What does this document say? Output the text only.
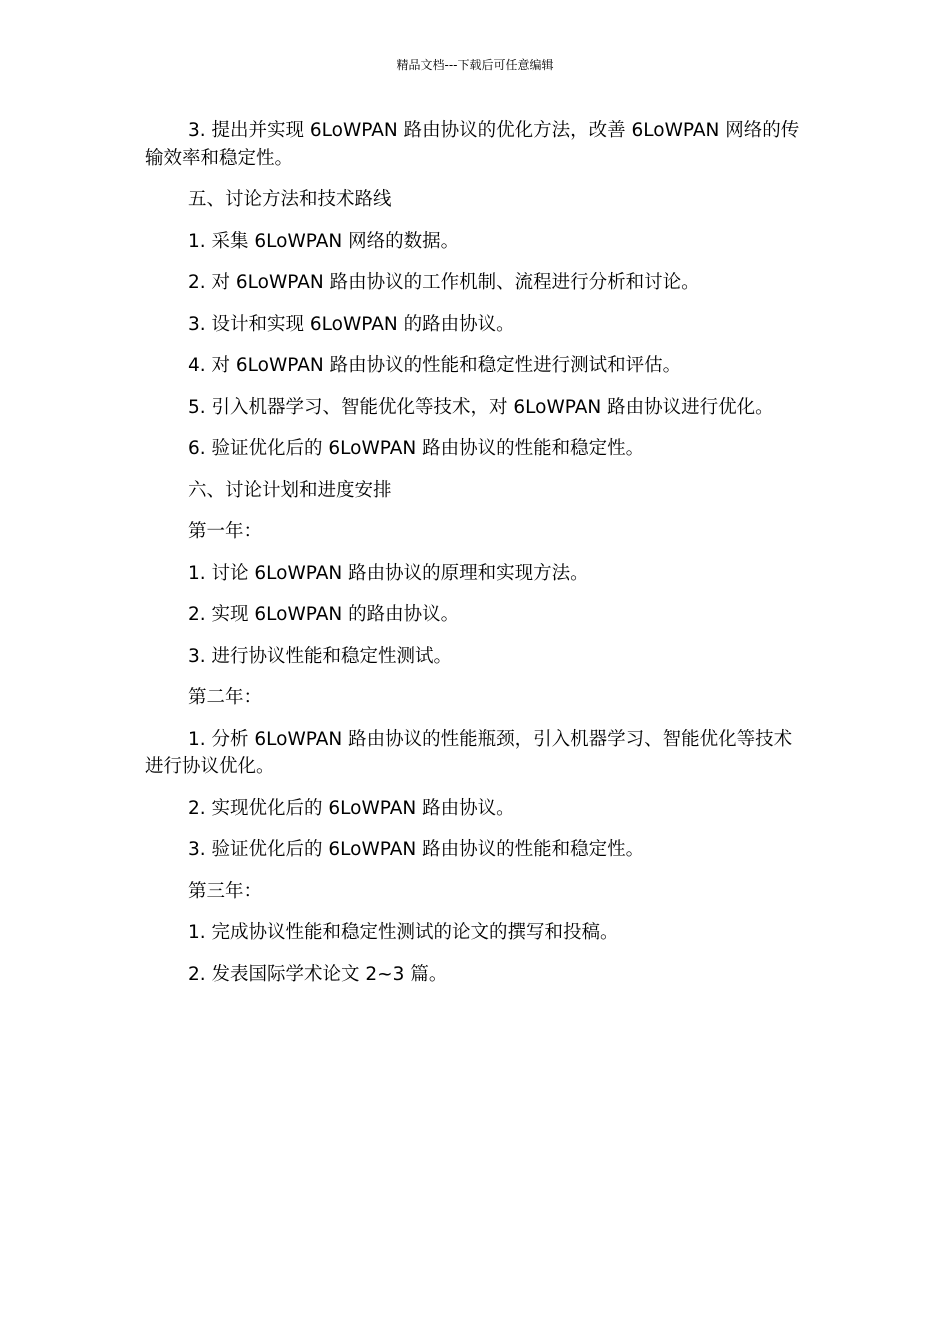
精品文档---下载后可任意编辑

3. 提出并实现 6LoWPAN 路由协议的优化方法，改善 6LoWPAN 网络的传输效率和稳定性。

五、讨论方法和技术路线

1. 采集 6LoWPAN 网络的数据。

2. 对 6LoWPAN 路由协议的工作机制、流程进行分析和讨论。

3. 设计和实现 6LoWPAN 的路由协议。

4. 对 6LoWPAN 路由协议的性能和稳定性进行测试和评估。

5. 引入机器学习、智能优化等技术，对 6LoWPAN 路由协议进行优化。

6. 验证优化后的 6LoWPAN 路由协议的性能和稳定性。

六、讨论计划和进度安排

第一年：

1. 讨论 6LoWPAN 路由协议的原理和实现方法。

2. 实现 6LoWPAN 的路由协议。

3. 进行协议性能和稳定性测试。

第二年：

1. 分析 6LoWPAN 路由协议的性能瓶颈，引入机器学习、智能优化等技术进行协议优化。

2. 实现优化后的 6LoWPAN 路由协议。

3. 验证优化后的 6LoWPAN 路由协议的性能和稳定性。

第三年：

1. 完成协议性能和稳定性测试的论文的撰写和投稿。

2. 发表国际学术论文 2~3 篇。
